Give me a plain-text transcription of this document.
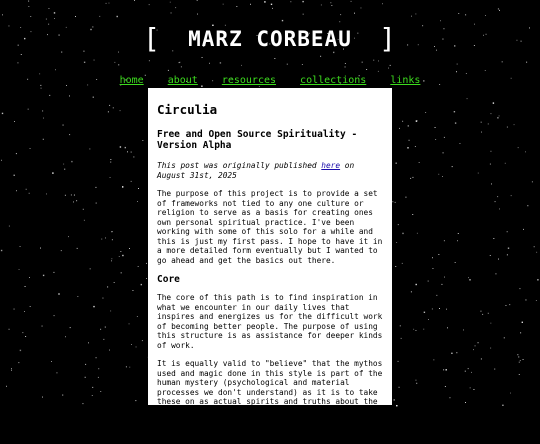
[ MARZ CORBEAU ]
home about resources collections links
Circulia
Free and Open Source Spirituality - Version Alpha

This post was originally published here on August 31st, 2025

The purpose of this project is to provide a set of frameworks not tied to any one culture or religion to serve as a basis for creating ones own personal spiritual practice. I've been working with some of this solo for a while and this is just my first pass. I hope to have it in a more detailed form eventually but I wanted to go ahead and get the basics out there.

Core

The core of this path is to find inspiration in what we encounter in our daily lives that inspires and energizes us for the difficult work of becoming better people. The purpose of using this structure is as assistance for deeper kinds of work.

It is equally valid to "believe" that the mythos used and magic done in this style is part of the human mystery (psychological and material processes we don't understand) as it is to take these on as actual spirits and truths about the universe.

It's fine to mix and match across the spectrum of what you believe in.
